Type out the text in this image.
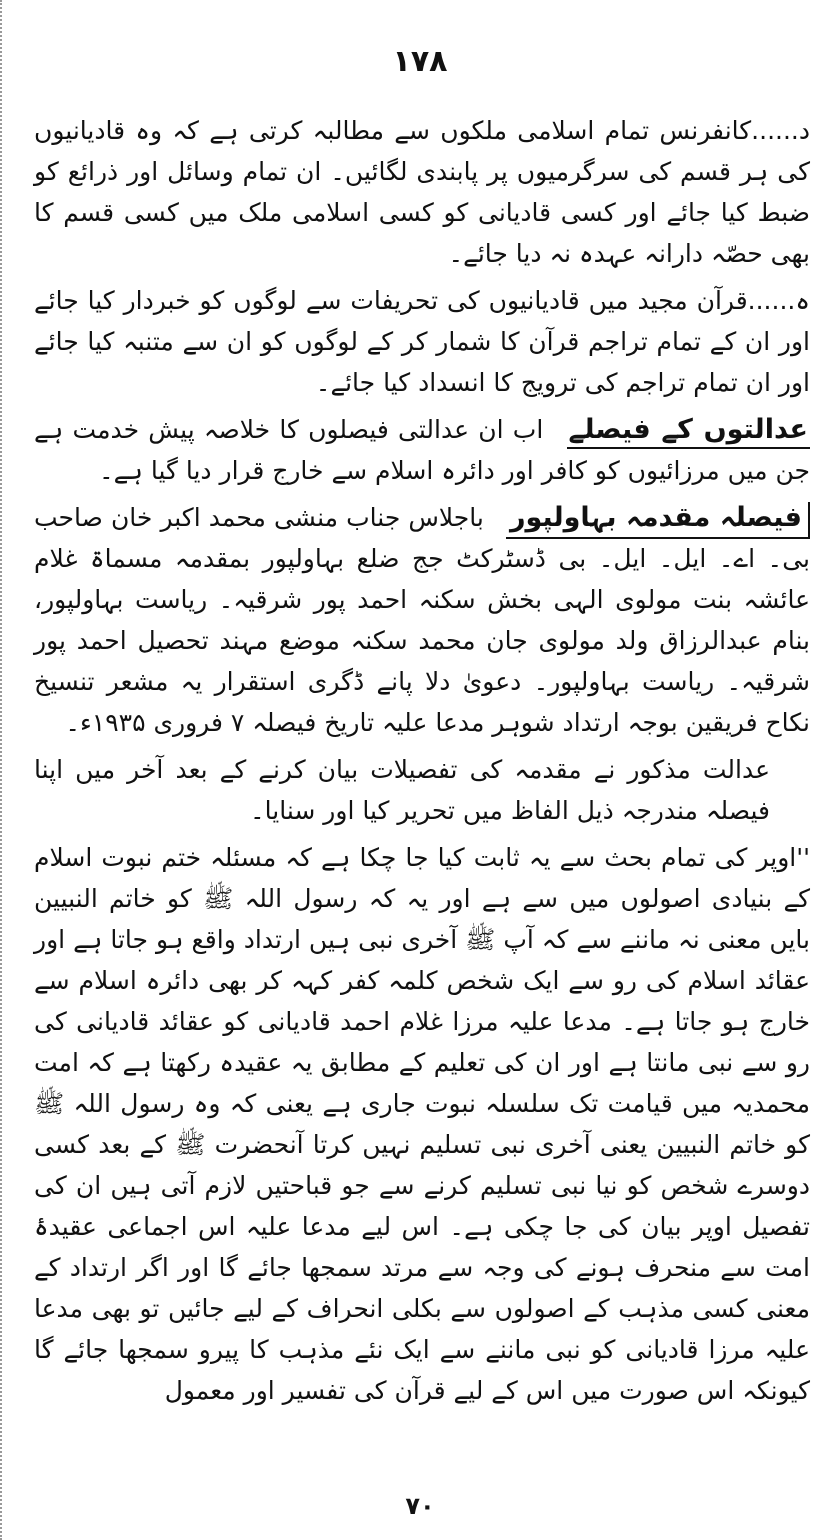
۱۷۸

د......کانفرنس تمام اسلامی ملکوں سے مطالبہ کرتی ہے کہ وہ قادیانیوں کی ہر قسم کی سرگرمیوں پر پابندی لگائیں۔ ان تمام وسائل اور ذرائع کو ضبط کیا جائے اور کسی قادیانی کو کسی اسلامی ملک میں کسی قسم کا بھی حصّہ دارانہ عہدہ نہ دیا جائے۔

ہ......قرآن مجید میں قادیانیوں کی تحریفات سے لوگوں کو خبردار کیا جائے اور ان کے تمام تراجم قرآن کا شمار کر کے لوگوں کو ان سے متنبہ کیا جائے اور ان تمام تراجم کی ترویج کا انسداد کیا جائے۔

عدالتوں کے فیصلے اب ان عدالتی فیصلوں کا خلاصہ پیش خدمت ہے جن میں مرزائیوں کو کافر اور دائرہ اسلام سے خارج قرار دیا گیا ہے۔

فیصلہ مقدمہ بہاولپور باجلاس جناب منشی محمد اکبر خان صاحب بی۔ اے۔ ایل۔ ایل۔ بی ڈسٹرکٹ جج ضلع بہاولپور بمقدمہ مسماۃ غلام عائشہ بنت مولوی الہی بخش سکنہ احمد پور شرقیہ۔ ریاست بہاولپور، بنام عبدالرزاق ولد مولوی جان محمد سکنہ موضع مہند تحصیل احمد پور شرقیہ۔ ریاست بہاولپور۔ دعویٰ دلا پانے ڈگری استقرار یہ مشعر تنسیخ نکاح فریقین بوجہ ارتداد شوہر مدعا علیہ تاریخ فیصلہ ۷ فروری ۱۹۳۵ء۔

عدالت مذکور نے مقدمہ کی تفصیلات بیان کرنے کے بعد آخر میں اپنا فیصلہ مندرجہ ذیل الفاظ میں تحریر کیا اور سنایا۔

''اوپر کی تمام بحث سے یہ ثابت کیا جا چکا ہے کہ مسئلہ ختم نبوت اسلام کے بنیادی اصولوں میں سے ہے اور یہ کہ رسول اللہ ﷺ کو خاتم النبیین بایں معنی نہ ماننے سے کہ آپ ﷺ آخری نبی ہیں ارتداد واقع ہو جاتا ہے اور عقائد اسلام کی رو سے ایک شخص کلمہ کفر کہہ کر بھی دائرہ اسلام سے خارج ہو جاتا ہے۔ مدعا علیہ مرزا غلام احمد قادیانی کو عقائد قادیانی کی رو سے نبی مانتا ہے اور ان کی تعلیم کے مطابق یہ عقیدہ رکھتا ہے کہ امت محمدیہ میں قیامت تک سلسلہ نبوت جاری ہے یعنی کہ وہ رسول اللہ ﷺ کو خاتم النبیین یعنی آخری نبی تسلیم نہیں کرتا آنحضرت ﷺ کے بعد کسی دوسرے شخص کو نیا نبی تسلیم کرنے سے جو قباحتیں لازم آتی ہیں ان کی تفصیل اوپر بیان کی جا چکی ہے۔ اس لیے مدعا علیہ اس اجماعی عقیدۂ امت سے منحرف ہونے کی وجہ سے مرتد سمجھا جائے گا اور اگر ارتداد کے معنی کسی مذہب کے اصولوں سے بکلی انحراف کے لیے جائیں تو بھی مدعا علیہ مرزا قادیانی کو نبی ماننے سے ایک نئے مذہب کا پیرو سمجھا جائے گا کیونکہ اس صورت میں اس کے لیے قرآن کی تفسیر اور معمول

۷۰
